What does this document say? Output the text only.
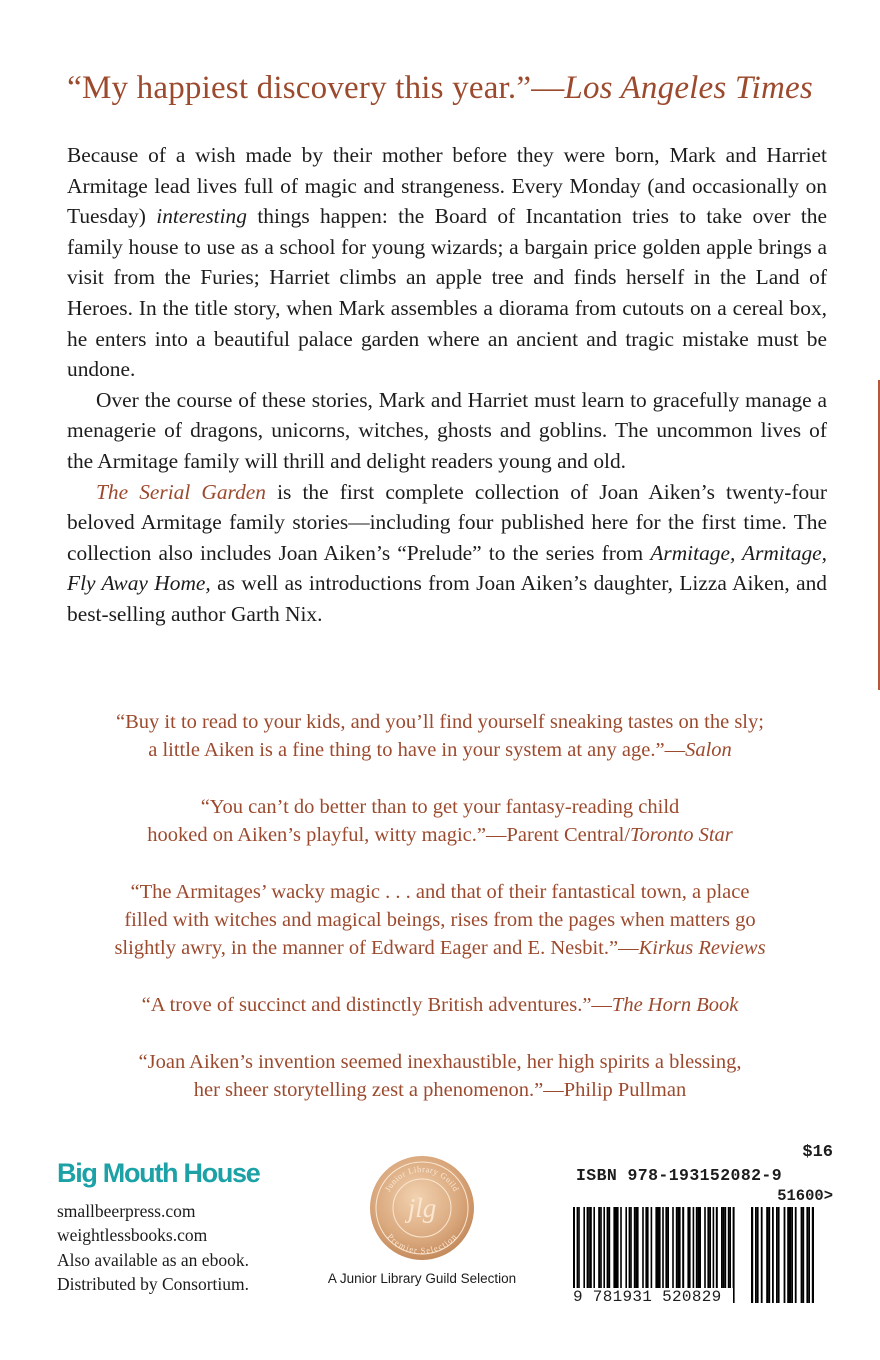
“My happiest discovery this year.”—Los Angeles Times

Because of a wish made by their mother before they were born, Mark and Harriet Armitage lead lives full of magic and strangeness. Every Monday (and occasionally on Tuesday) interesting things happen: the Board of Incantation tries to take over the family house to use as a school for young wizards; a bargain price golden apple brings a visit from the Furies; Harriet climbs an apple tree and finds herself in the Land of Heroes. In the title story, when Mark assembles a diorama from cutouts on a cereal box, he enters into a beautiful palace garden where an ancient and tragic mistake must be undone.

Over the course of these stories, Mark and Harriet must learn to gracefully manage a menagerie of dragons, unicorns, witches, ghosts and goblins. The uncommon lives of the Armitage family will thrill and delight readers young and old.

The Serial Garden is the first complete collection of Joan Aiken’s twenty-four beloved Armitage family stories—including four published here for the first time. The collection also includes Joan Aiken’s “Prelude” to the series from Armitage, Armitage, Fly Away Home, as well as introductions from Joan Aiken’s daughter, Lizza Aiken, and best-selling author Garth Nix.

“Buy it to read to your kids, and you’ll find yourself sneaking tastes on the sly;
a little Aiken is a fine thing to have in your system at any age.”—Salon
“You can’t do better than to get your fantasy-reading child
hooked on Aiken’s playful, witty magic.”—Parent Central/Toronto Star
“The Armitages’ wacky magic . . . and that of their fantastical town, a place
filled with witches and magical beings, rises from the pages when matters go
slightly awry, in the manner of Edward Eager and E. Nesbit.”—Kirkus Reviews
“A trove of succinct and distinctly British adventures.”—The Horn Book
“Joan Aiken’s invention seemed inexhaustible, her high spirits a blessing,
her sheer storytelling zest a phenomenon.”—Philip Pullman
Big Mouth House
smallbeerpress.com
weightlessbooks.com
Also available as an ebook.
Distributed by Consortium.
Junior Library Guild
Premier Selection
jlg
A Junior Library Guild Selection
$16
ISBN 978-193152082-9
51600>
9 781931 520829
